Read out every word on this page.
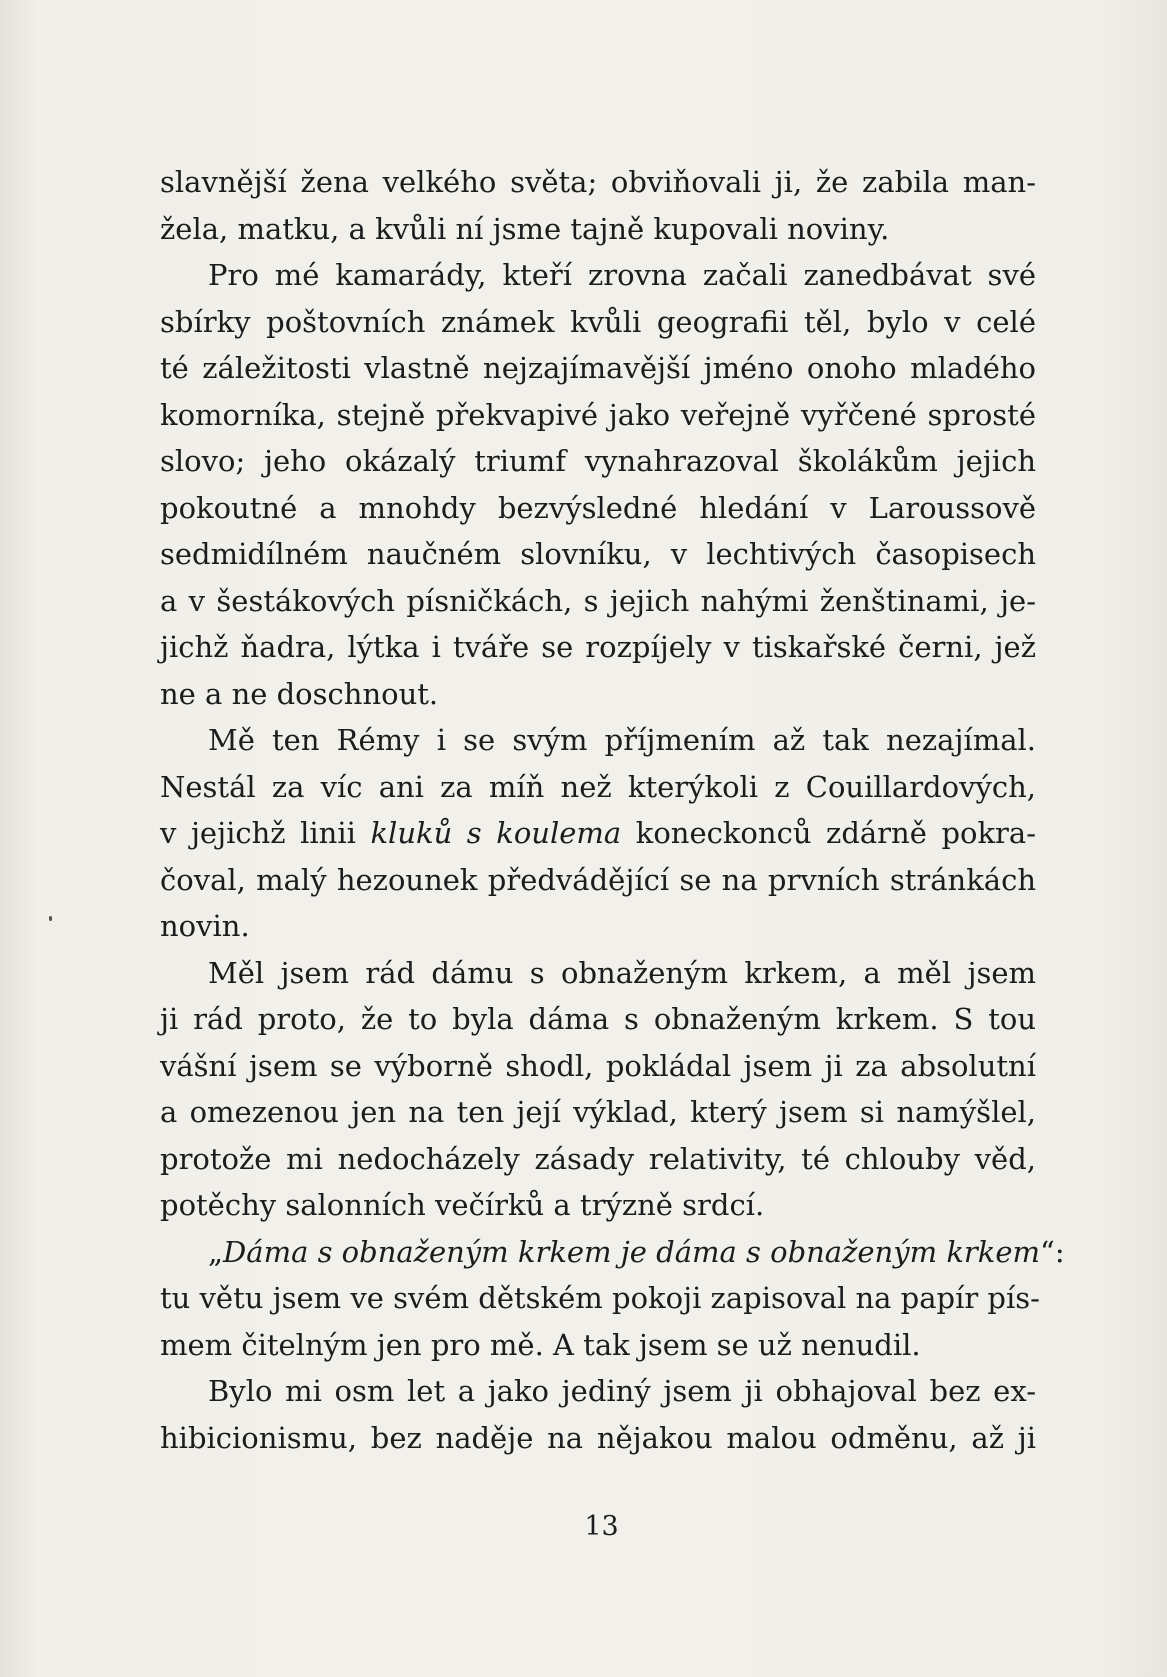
slavnější žena velkého světa; obviňovali ji, že zabila man-
žela, matku, a kvůli ní jsme tajně kupovali noviny.
Pro mé kamarády, kteří zrovna začali zanedbávat své
sbírky poštovních známek kvůli geografii těl, bylo v celé
té záležitosti vlastně nejzajímavější jméno onoho mladého
komorníka, stejně překvapivé jako veřejně vyřčené sprosté
slovo; jeho okázalý triumf vynahrazoval školákům jejich
pokoutné a mnohdy bezvýsledné hledání v Laroussově
sedmidílném naučném slovníku, v lechtivých časopisech
a v šestákových písničkách, s jejich nahými ženštinami, je-
jichž ňadra, lýtka i tváře se rozpíjely v tiskařské černi, jež
ne a ne doschnout.
Mě ten Rémy i se svým příjmením až tak nezajímal.
Nestál za víc ani za míň než kterýkoli z Couillardových,
v jejichž linii kluků s koulema koneckonců zdárně pokra-
čoval, malý hezounek předvádějící se na prvních stránkách
novin.
Měl jsem rád dámu s obnaženým krkem, a měl jsem
ji rád proto, že to byla dáma s obnaženým krkem. S tou
vášní jsem se výborně shodl, pokládal jsem ji za absolutní
a omezenou jen na ten její výklad, který jsem si namýšlel,
protože mi nedocházely zásady relativity, té chlouby věd,
potěchy salonních večírků a trýzně srdcí.
„Dáma s obnaženým krkem je dáma s obnaženým krkem“:
tu větu jsem ve svém dětském pokoji zapisoval na papír pís-
mem čitelným jen pro mě. A tak jsem se už nenudil.
Bylo mi osm let a jako jediný jsem ji obhajoval bez ex-
hibicionismu, bez naděje na nějakou malou odměnu, až ji
13
